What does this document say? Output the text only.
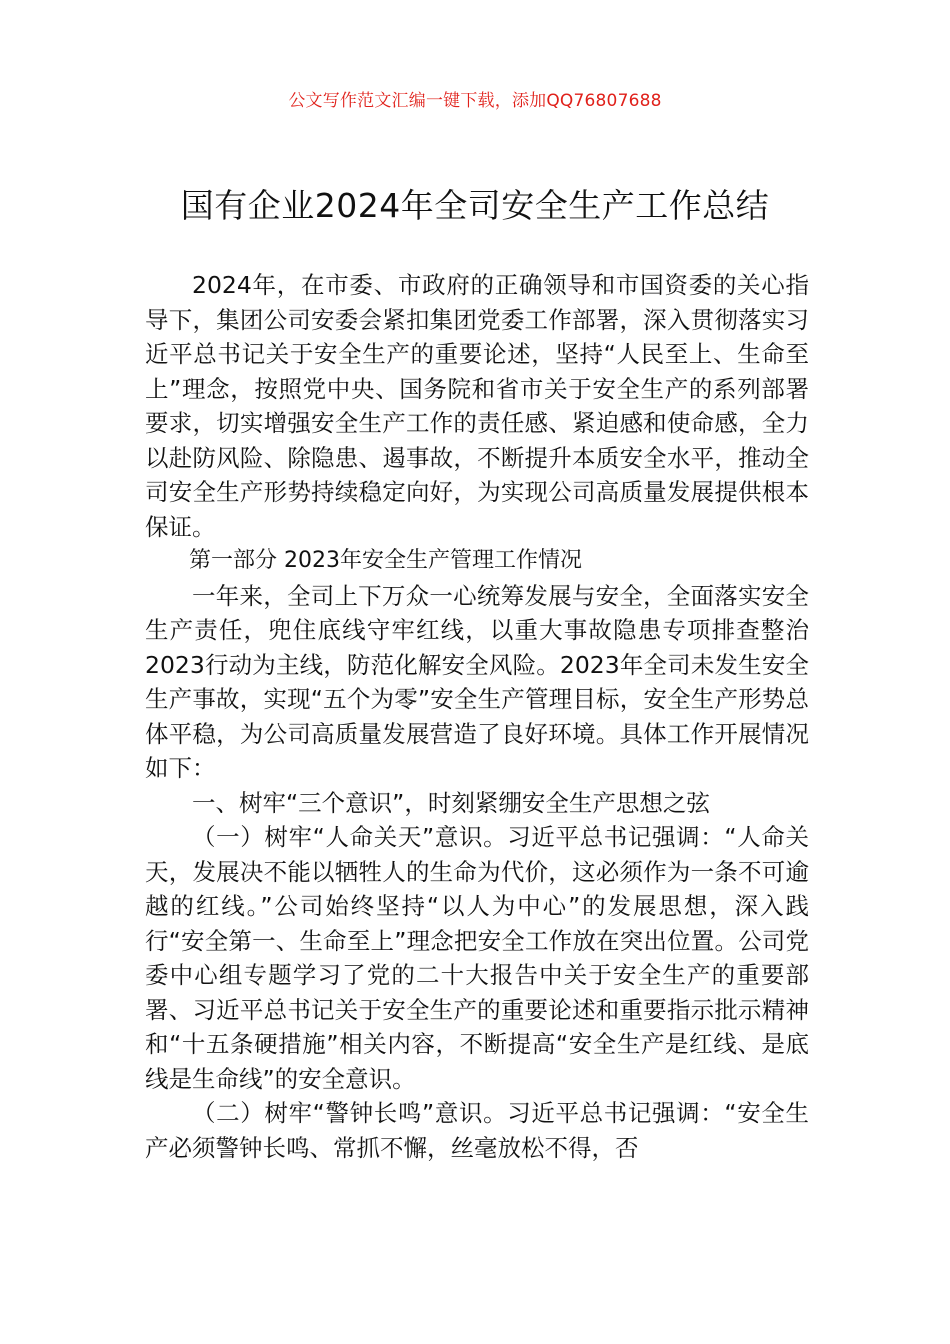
公文写作范文汇编一键下载，添加QQ76807688
国有企业2024年全司安全生产工作总结

2024年，在市委、市政府的正确领导和市国资委的关心指导下，集团公司安委会紧扣集团党委工作部署，深入贯彻落实习近平总书记关于安全生产的重要论述，坚持“人民至上、生命至上”理念，按照党中央、国务院和省市关于安全生产的系列部署要求，切实增强安全生产工作的责任感、紧迫感和使命感，全力以赴防风险、除隐患、遏事故，不断提升本质安全水平，推动全司安全生产形势持续稳定向好，为实现公司高质量发展提供根本保证。

第一部分 2023年安全生产管理工作情况

一年来，全司上下万众一心统筹发展与安全，全面落实安全生产责任，兜住底线守牢红线，以重大事故隐患专项排查整治2023行动为主线，防范化解安全风险。2023年全司未发生安全生产事故，实现“五个为零”安全生产管理目标，安全生产形势总体平稳，为公司高质量发展营造了良好环境。具体工作开展情况如下：

一、树牢“三个意识”，时刻紧绷安全生产思想之弦

（一）树牢“人命关天”意识。习近平总书记强调：“人命关天，发展决不能以牺牲人的生命为代价，这必须作为一条不可逾越的红线。”公司始终坚持“以人为中心”的发展思想，深入践行“安全第一、生命至上”理念把安全工作放在突出位置。公司党委中心组专题学习了党的二十大报告中关于安全生产的重要部署、习近平总书记关于安全生产的重要论述和重要指示批示精神和“十五条硬措施”相关内容，不断提高“安全生产是红线、是底线是生命线”的安全意识。

（二）树牢“警钟长鸣”意识。习近平总书记强调：“安全生产必须警钟长鸣、常抓不懈，丝毫放松不得，否
